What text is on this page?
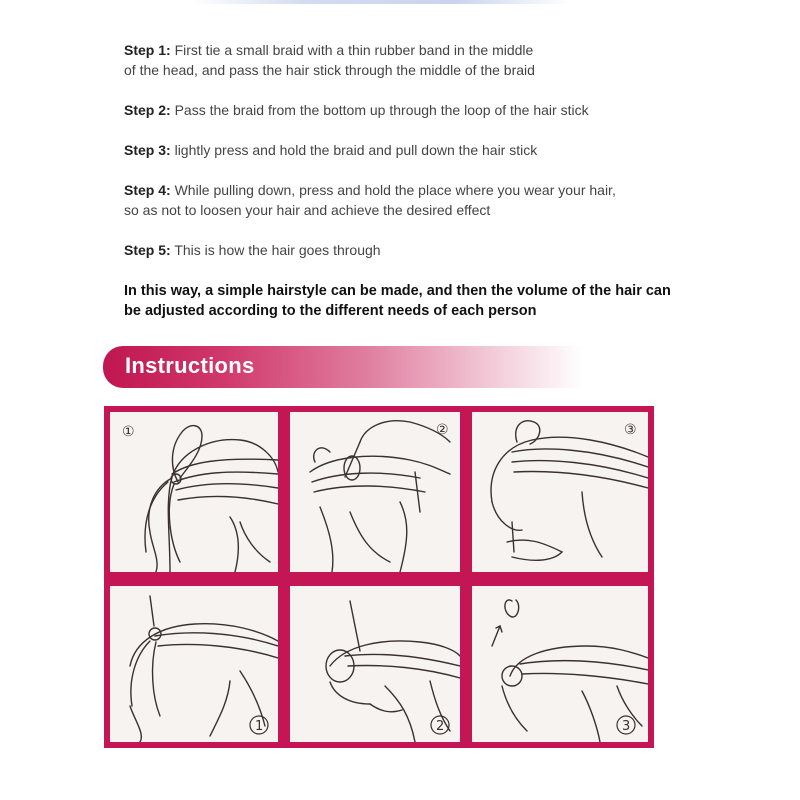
Step 1: First tie a small braid with a thin rubber band in the middle
of the head, and pass the hair stick through the middle of the braid

Step 2: Pass the braid from the bottom up through the loop of the hair stick

Step 3: lightly press and hold the braid and pull down the hair stick

Step 4: While pulling down, press and hold the place where you wear your hair,
so as not to loosen your hair and achieve the desired effect

Step 5: This is how the hair goes through

In this way, a simple hairstyle can be made, and then the volume of the hair can
be adjusted according to the different needs of each person
Instructions
①	②	③
1	2	3
